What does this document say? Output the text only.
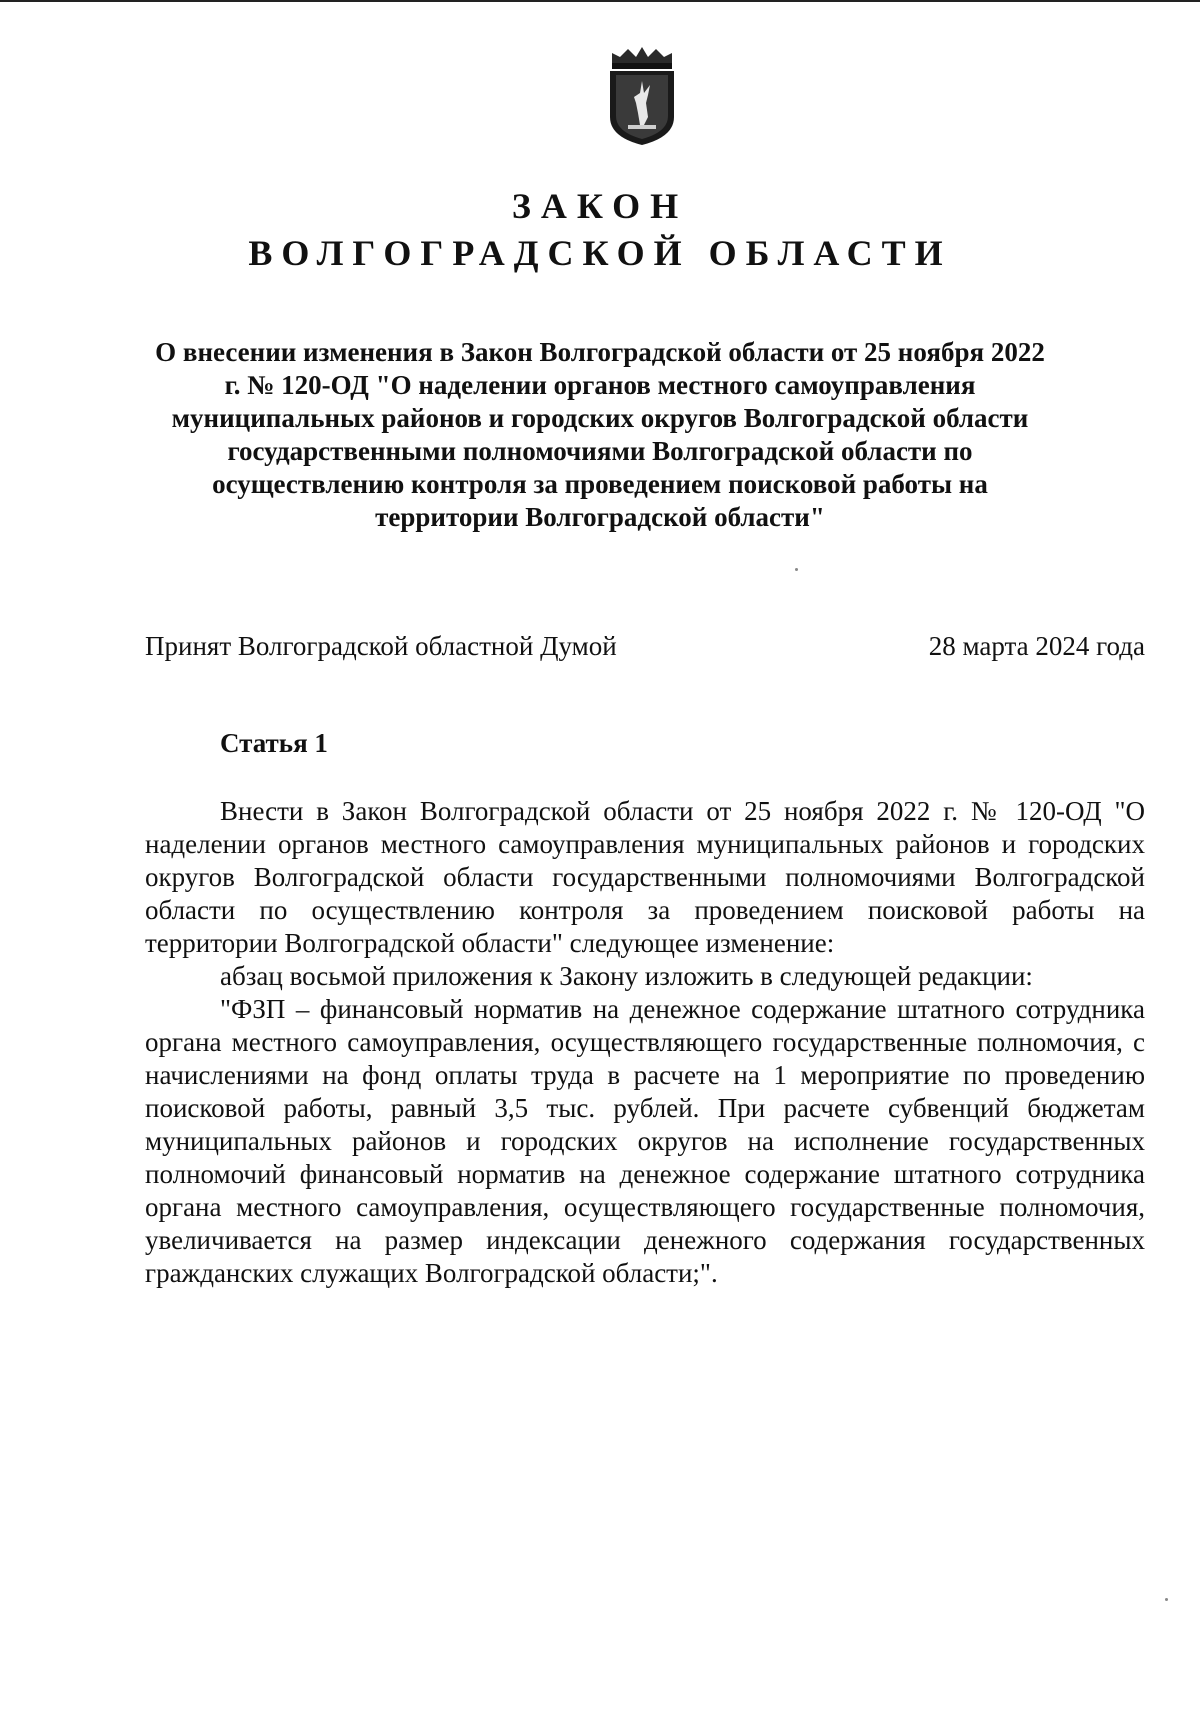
ЗАКОН
ВОЛГОГРАДСКОЙ ОБЛАСТИ
О внесении изменения в Закон Волгоградской области от 25 ноября 2022 г. № 120-ОД "О наделении органов местного самоуправления муниципальных районов и городских округов Волгоградской области государственными полномочиями Волгоградской области по осуществлению контроля за проведением поисковой работы на территории Волгоградской области"
Принят Волгоградской областной Думой	28 марта 2024 года
Статья 1

Внести в Закон Волгоградской области от 25 ноября 2022 г. № 120-ОД "О наделении органов местного самоуправления муниципальных районов и городских округов Волгоградской области государственными полномочиями Волгоградской области по осуществлению контроля за проведением поисковой работы на территории Волгоградской области" следующее изменение:

абзац восьмой приложения к Закону изложить в следующей редакции:

"ФЗП – финансовый норматив на денежное содержание штатного сотрудника органа местного самоуправления, осуществляющего государственные полномочия, с начислениями на фонд оплаты труда в расчете на 1 мероприятие по проведению поисковой работы, равный 3,5 тыс. рублей. При расчете субвенций бюджетам муниципальных районов и городских округов на исполнение государственных полномочий финансовый норматив на денежное содержание штатного сотрудника органа местного самоуправления, осуществляющего государственные полномочия, увеличивается на размер индексации денежного содержания государственных гражданских служащих Волгоградской области;".
